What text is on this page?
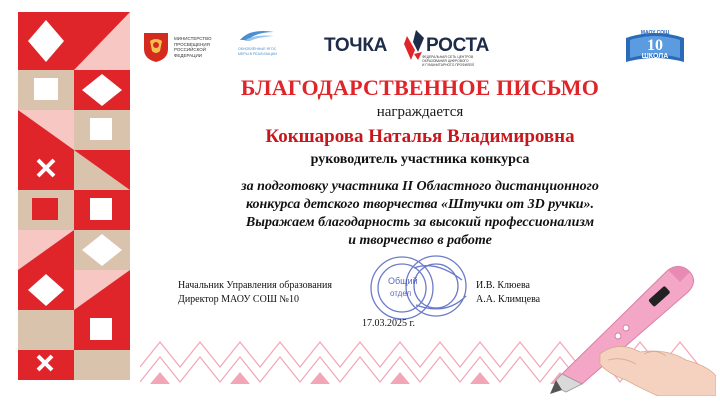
МИНИСТЕРСТВО
ПРОСВЕЩЕНИЯ
РОССИЙСКОЙ
ФЕДЕРАЦИИ
ОБНОВЛЁННЫЕ ФГОС
МЕРЫ В РЕАЛИЗАЦИИ ТОЧКА РОСТА
ФЕДЕРАЛЬНАЯ СЕТЬ ЦЕНТРОВ
ОБРАЗОВАНИЯ ЦИФРОВОГО
И ГУМАНИТАРНОГО ПРОФИЛЕЙ
МАОУ СОШ
10
ШКОЛА
БЛАГОДАРСТВЕННОЕ ПИСЬМО
награждается
Кокшарова Наталья Владимировна
руководитель участника конкурса
за подготовку участника II Областного дистанционного
конкурса детского творчества «Штучки от 3D ручки».
Выражаем благодарность за высокий профессионализм
и творчество в работе
Общий
отдел
Начальник Управления образования
Директор МАОУ СОШ №10
И.В. Клюева
А.А. Климцева
17.03.2025 г.
